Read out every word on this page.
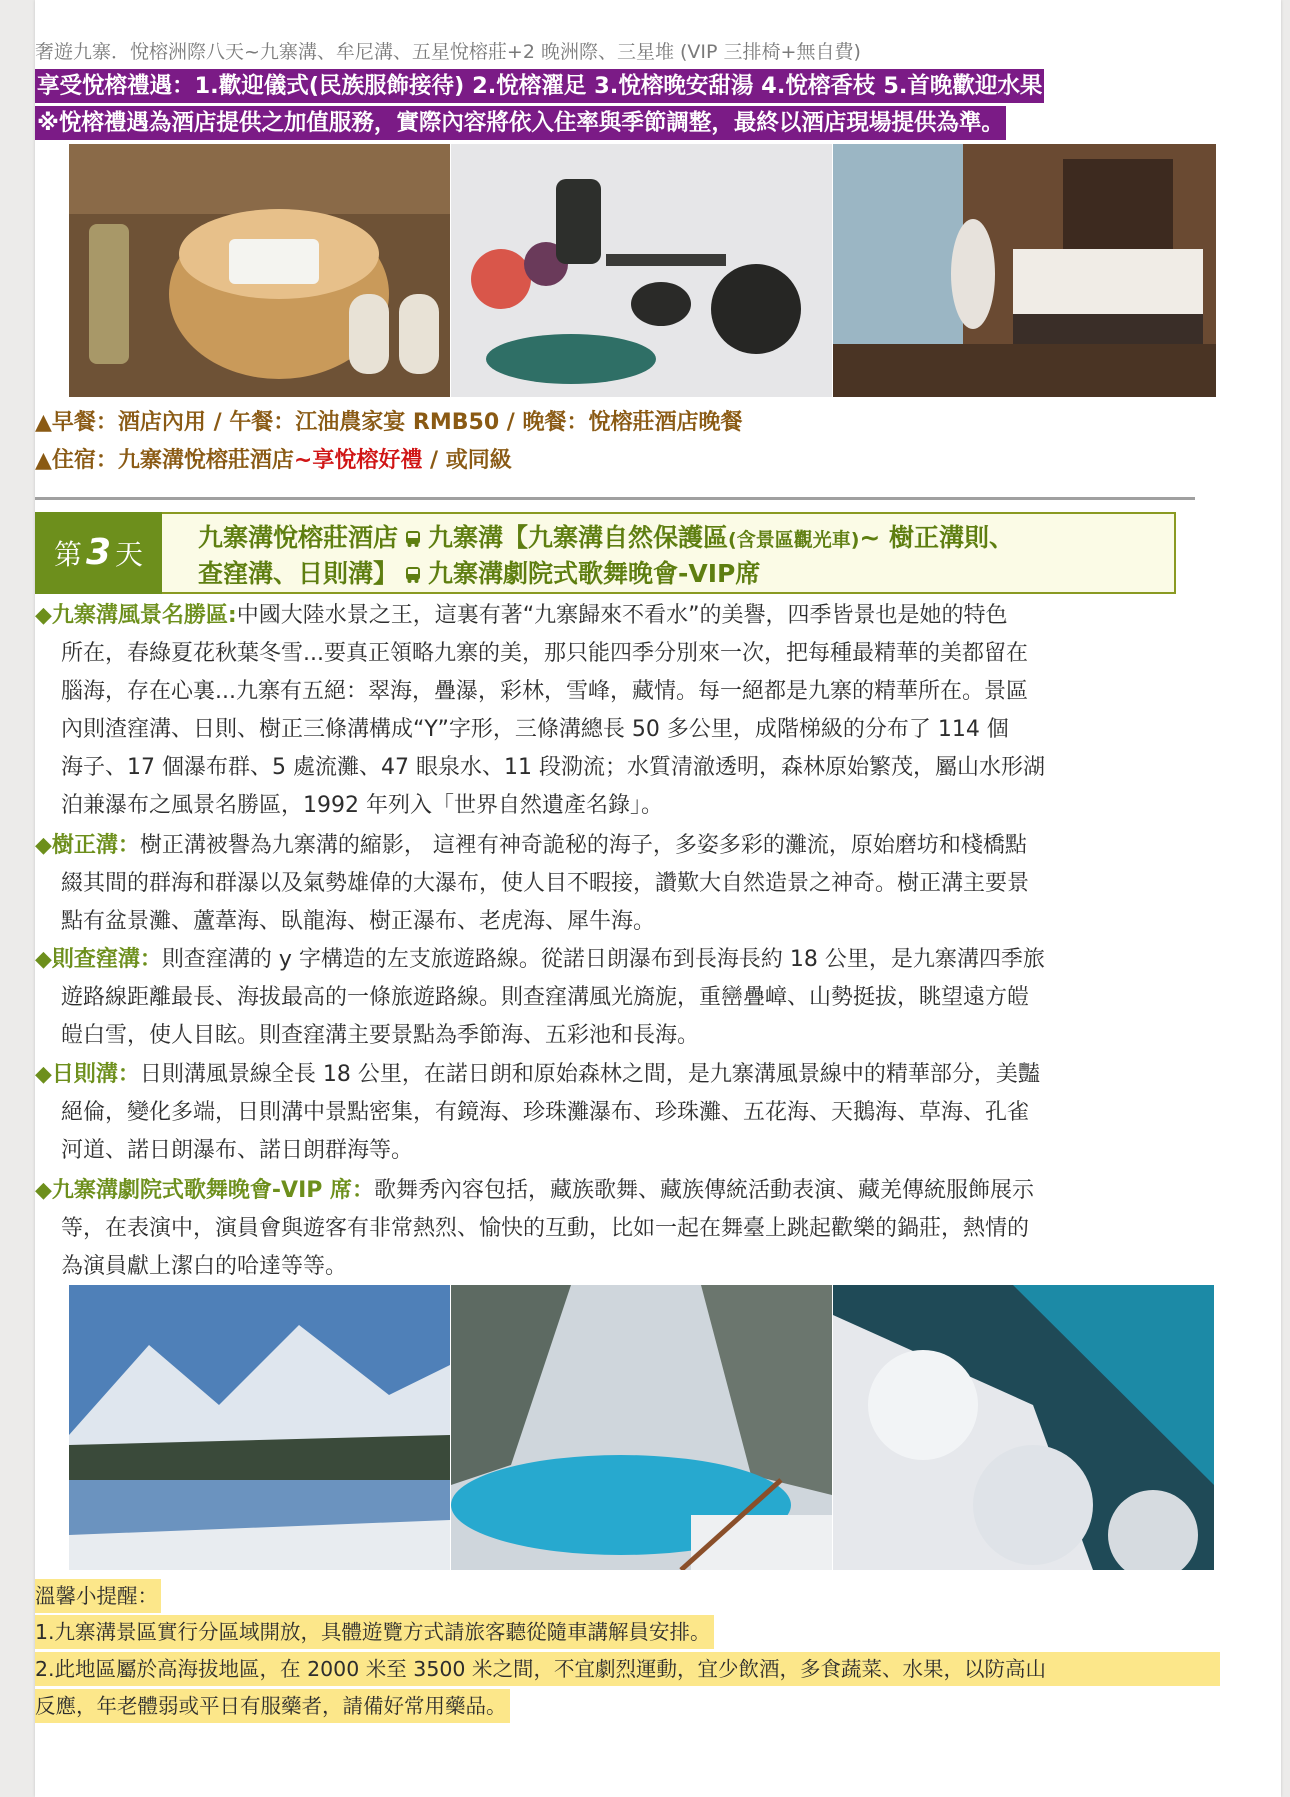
奢遊九寨．悅榕洲際八天~九寨溝、牟尼溝、五星悅榕莊+2 晚洲際、三星堆 (VIP 三排椅+無自費)
享受悅榕禮遇：1.歡迎儀式(民族服飾接待) 2.悅榕濯足 3.悅榕晚安甜湯 4.悅榕香枝 5.首晚歡迎水果
※悅榕禮遇為酒店提供之加值服務，實際內容將依入住率與季節調整，最終以酒店現場提供為準。
▲早餐：酒店內用 / 午餐：江油農家宴 RMB50 / 晚餐：悅榕莊酒店晚餐
▲住宿：九寨溝悅榕莊酒店~享悅榕好禮 / 或同級
第 3 天
九寨溝悅榕莊酒店 九寨溝【九寨溝自然保護區(含景區觀光車)~ 樹正溝則、
查窪溝、日則溝】 九寨溝劇院式歌舞晚會-VIP席
◆九寨溝風景名勝區:中國大陸水景之王，這裏有著“九寨歸來不看水”的美譽，四季皆景也是她的特色
所在，春綠夏花秋葉冬雪...要真正領略九寨的美，那只能四季分別來一次，把每種最精華的美都留在
腦海，存在心裏...九寨有五絕：翠海，疊瀑，彩林，雪峰，藏情。每一絕都是九寨的精華所在。景區
內則渣窪溝、日則、樹正三條溝構成“Y”字形，三條溝總長 50 多公里，成階梯級的分布了 114 個
海子、17 個瀑布群、5 處流灘、47 眼泉水、11 段泐流；水質清澈透明，森林原始繁茂，屬山水形湖
泊兼瀑布之風景名勝區，1992 年列入「世界自然遺產名錄」。
◆樹正溝：樹正溝被譽為九寨溝的縮影， 這裡有神奇詭秘的海子，多姿多彩的灘流，原始磨坊和棧橋點
綴其間的群海和群瀑以及氣勢雄偉的大瀑布，使人目不暇接，讚歎大自然造景之神奇。樹正溝主要景
點有盆景灘、蘆葦海、臥龍海、樹正瀑布、老虎海、犀牛海。
◆則查窪溝：則查窪溝的 y 字構造的左支旅遊路線。從諾日朗瀑布到長海長約 18 公里，是九寨溝四季旅
遊路線距離最長、海拔最高的一條旅遊路線。則查窪溝風光旖旎，重巒疊嶂、山勢挺拔，眺望遠方皚
皚白雪，使人目眩。則查窪溝主要景點為季節海、五彩池和長海。
◆日則溝：日則溝風景線全長 18 公里，在諾日朗和原始森林之間，是九寨溝風景線中的精華部分，美豔
絕倫，變化多端，日則溝中景點密集，有鏡海、珍珠灘瀑布、珍珠灘、五花海、天鵝海、草海、孔雀
河道、諾日朗瀑布、諾日朗群海等。
◆九寨溝劇院式歌舞晚會-VIP 席：歌舞秀內容包括，藏族歌舞、藏族傳統活動表演、藏羌傳統服飾展示
等，在表演中，演員會與遊客有非常熱烈、愉快的互動，比如一起在舞臺上跳起歡樂的鍋莊，熱情的
為演員獻上潔白的哈達等等。
溫馨小提醒：
1.九寨溝景區實行分區域開放，具體遊覽方式請旅客聽從隨車講解員安排。
2.此地區屬於高海拔地區，在 2000 米至 3500 米之間，不宜劇烈運動，宜少飲酒，多食蔬菜、水果，以防高山
反應，年老體弱或平日有服藥者，請備好常用藥品。
